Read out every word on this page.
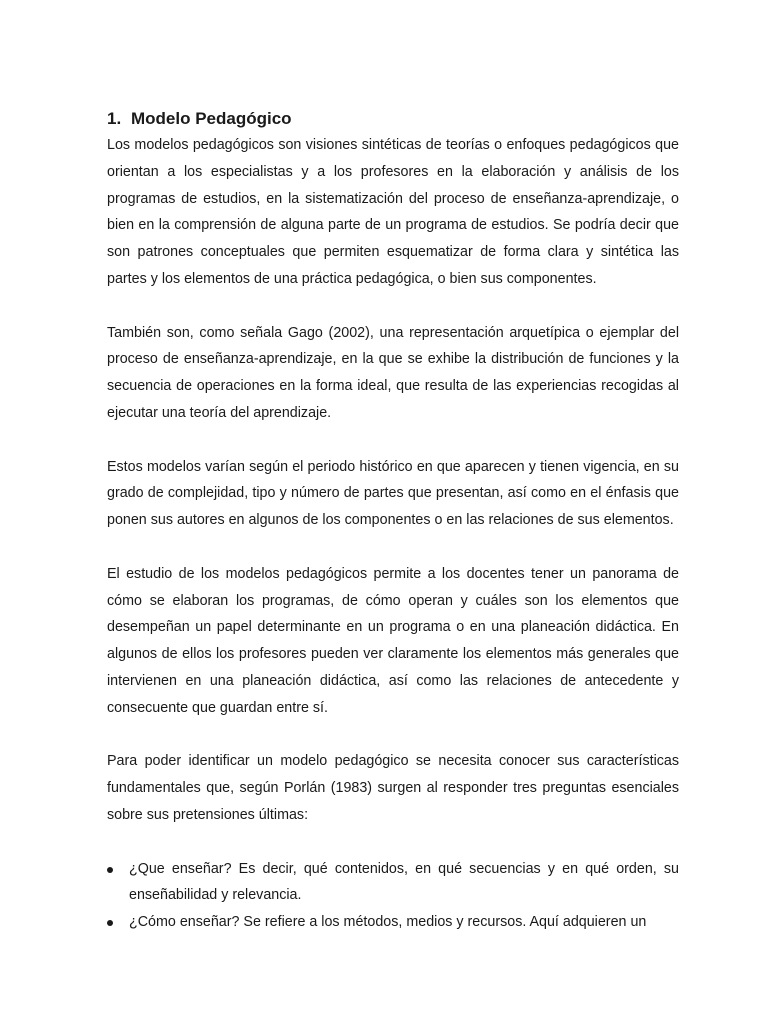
1. Modelo Pedagógico

Los modelos pedagógicos son visiones sintéticas de teorías o enfoques pedagógicos que orientan a los especialistas y a los profesores en la elaboración y análisis de los programas de estudios, en la sistematización del proceso de enseñanza-aprendizaje, o bien en la comprensión de alguna parte de un programa de estudios. Se podría decir que son patrones conceptuales que permiten esquematizar de forma clara y sintética las partes y los elementos de una práctica pedagógica, o bien sus componentes.

También son, como señala Gago (2002), una representación arquetípica o ejemplar del proceso de enseñanza-aprendizaje, en la que se exhibe la distribución de funciones y la secuencia de operaciones en la forma ideal, que resulta de las experiencias recogidas al ejecutar una teoría del aprendizaje.

Estos modelos varían según el periodo histórico en que aparecen y tienen vigencia, en su grado de complejidad, tipo y número de partes que presentan, así como en el énfasis que ponen sus autores en algunos de los componentes o en las relaciones de sus elementos.

El estudio de los modelos pedagógicos permite a los docentes tener un panorama de cómo se elaboran los programas, de cómo operan y cuáles son los elementos que desempeñan un papel determinante en un programa o en una planeación didáctica. En algunos de ellos los profesores pueden ver claramente los elementos más generales que intervienen en una planeación didáctica, así como las relaciones de antecedente y consecuente que guardan entre sí.

Para poder identificar un modelo pedagógico se necesita conocer sus características fundamentales que, según Porlán (1983) surgen al responder tres preguntas esenciales sobre sus pretensiones últimas:

¿Que enseñar? Es decir, qué contenidos, en qué secuencias y en qué orden, su enseñabilidad y relevancia.
¿Cómo enseñar? Se refiere a los métodos, medios y recursos. Aquí adquieren un
